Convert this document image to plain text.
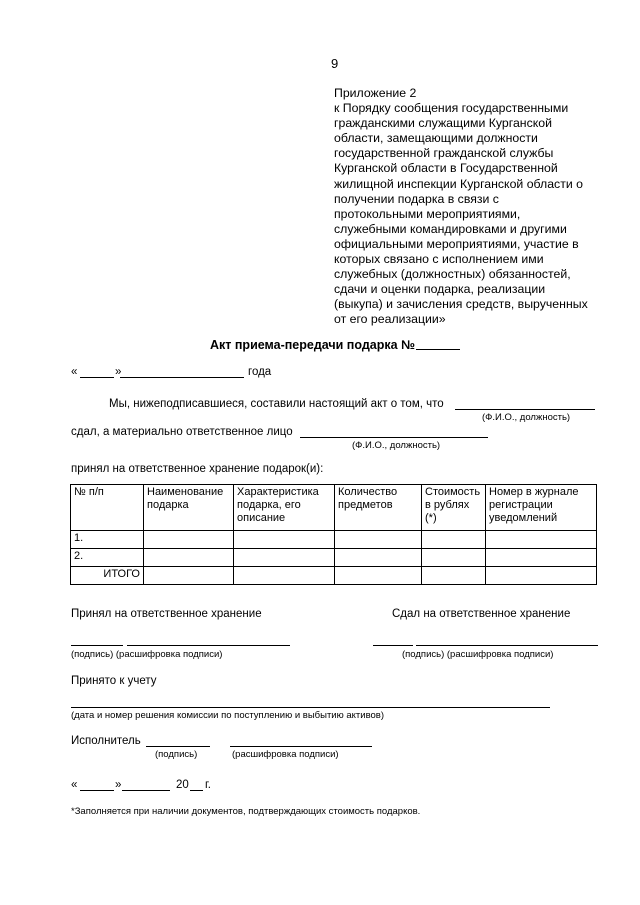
9
Приложение 2
к Порядку сообщения государственными
гражданскими служащими Курганской
области, замещающими должности
государственной гражданской службы
Курганской области в Государственной
жилищной инспекции Курганской области о
получении подарка в связи с
протокольными мероприятиями,
служебными командировками и другими
официальными мероприятиями, участие в
которых связано с исполнением ими
служебных (должностных) обязанностей,
сдачи и оценки подарка, реализации
(выкупа) и зачисления средств, вырученных
от его реализации»
Акт приема-передачи подарка №
«	»	года
Мы, нижеподписавшиеся, составили настоящий акт о том, что
(Ф.И.О., должность)
сдал, а материально ответственное лицо
(Ф.И.О., должность)
принял на ответственное хранение подарок(и):
№ п/п	Наименование подарка	Характеристика подарка, его описание	Количество предметов	Стоимость в рублях (*)	Номер в журнале регистрации уведомлений
1.					
2.					
ИТОГО					
Принял на ответственное хранение	Сдал на ответственное хранение
(подпись) (расшифровка подписи)	(подпись) (расшифровка подписи)
Принято к учету
(дата и номер решения комиссии по поступлению и выбытию активов)
Исполнитель
(подпись)	(расшифровка подписи)
«	»	20 г.
*Заполняется при наличии документов, подтверждающих стоимость подарков.
